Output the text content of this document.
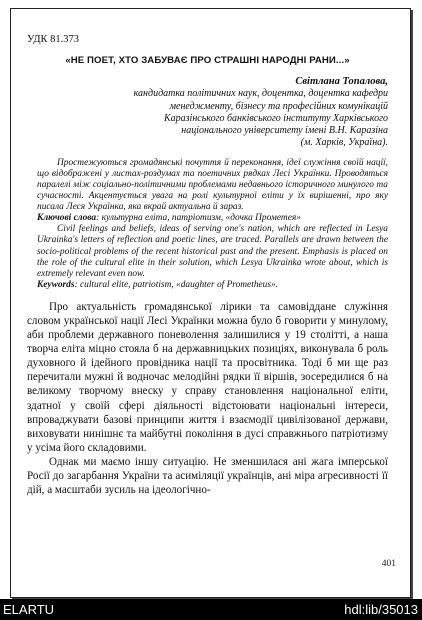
УДК 81.373
«НЕ ПОЕТ, ХТО ЗАБУВАЄ ПРО СТРАШНІ НАРОДНІ РАНИ...»
Світлана Топалова,
кандидатка політичних наук, доцентка, доцентка кафедри
менеджменту, бізнесу та професійних комунікацій
Каразінського банківського інституту Харківського
національного університету імені В.Н. Каразіна
(м. Харків, Україна).

Простежуються громадянські почуття й переконання, ідеї служіння своїй нації, що відображені у листах-роздумах та поетичних рядках Лесі Українки. Проводяться паралелі між соціально-політичними проблемами недавнього історичного минулого та сучасності. Акцентується увага на ролі культурної еліти у їх вирішенні, про яку писала Леся Українка, яка вкрай актуальна й зараз.

Ключові слова: культурна еліта, патріотизм, «дочка Прометея»

Civil feelings and beliefs, ideas of serving one's nation, which are reflected in Lesya Ukrainka's letters of reflection and poetic lines, are traced. Parallels are drawn between the socio-political problems of the recent historical past and the present. Emphasis is placed on the role of the cultural elite in their solution, which Lesya Ukrainka wrote about, which is extremely relevant even now.

Keywords: cultural elite, patriotism, «daughter of Prometheus».

Про актуальність громадянської лірики та самовіддане служіння словом української нації Лесі Українки можна було б говорити у минулому, аби проблеми державного поневолення залишилися у 19 століттi, а наша творча еліта міцно стояла б на державницьких позиціях, виконувала б роль духовного й ідейного провідника нації та просвітника. Тоді б ми ще раз перечитали мужні й водночас мелодійні рядки її віршів, зосередилися б на великому творчому внеску у справу становлення національної еліти, здатної у своїй сфері діяльності відстоювати національні інтереси, впроваджувати базові принципи життя і взаємодії цивілізованої держави, виховувати нинішнє та майбутні покоління в дусі справжнього патріотизму у усіма його складовими.

Однак ми маємо іншу ситуацію. Не зменшилася ані жага імперської Росії до загарбання України та асиміляції українців, ані міра агресивності її дій, а масштаби зусиль на ідеологічно-

401
ELARTU	hdl:lib/35013
